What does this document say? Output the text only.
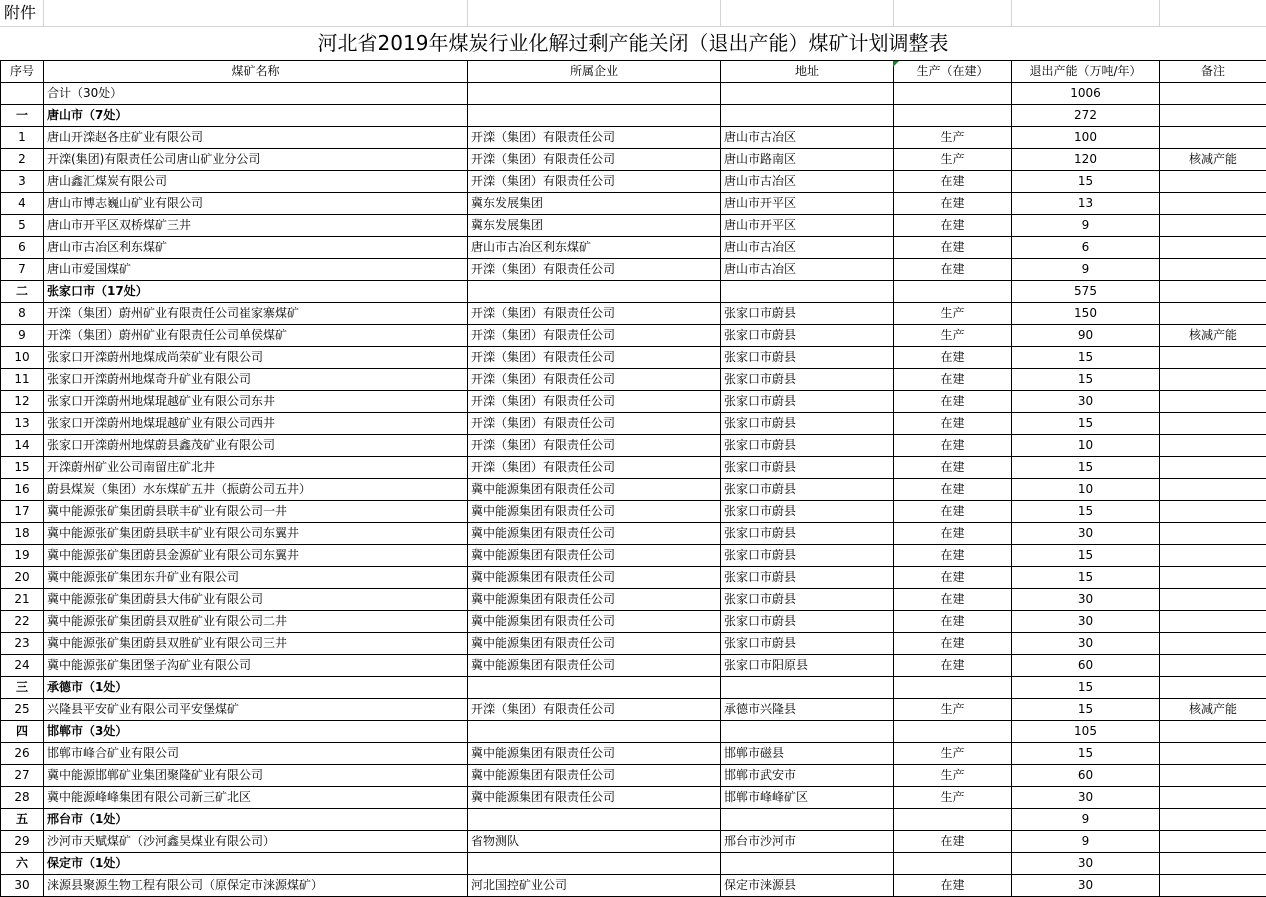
附件
河北省2019年煤炭行业化解过剩产能关闭（退出产能）煤矿计划调整表
序号	煤矿名称	所属企业	地址	生产（在建）	退出产能（万吨/年）	备注
	合计（30处）				1006	
一	唐山市（7处）				272	
1	唐山开滦赵各庄矿业有限公司	开滦（集团）有限责任公司	唐山市古冶区	生产	100	
2	开滦(集团)有限责任公司唐山矿业分公司	开滦（集团）有限责任公司	唐山市路南区	生产	120	核减产能
3	唐山鑫汇煤炭有限公司	开滦（集团）有限责任公司	唐山市古冶区	在建	15	
4	唐山市博志巍山矿业有限公司	冀东发展集团	唐山市开平区	在建	13	
5	唐山市开平区双桥煤矿三井	冀东发展集团	唐山市开平区	在建	9	
6	唐山市古冶区利东煤矿	唐山市古冶区利东煤矿	唐山市古冶区	在建	6	
7	唐山市爱国煤矿	开滦（集团）有限责任公司	唐山市古冶区	在建	9	
二	张家口市（17处）				575	
8	开滦（集团）蔚州矿业有限责任公司崔家寨煤矿	开滦（集团）有限责任公司	张家口市蔚县	生产	150	
9	开滦（集团）蔚州矿业有限责任公司单侯煤矿	开滦（集团）有限责任公司	张家口市蔚县	生产	90	核减产能
10	张家口开滦蔚州地煤成尚荣矿业有限公司	开滦（集团）有限责任公司	张家口市蔚县	在建	15	
11	张家口开滦蔚州地煤奇升矿业有限公司	开滦（集团）有限责任公司	张家口市蔚县	在建	15	
12	张家口开滦蔚州地煤琨越矿业有限公司东井	开滦（集团）有限责任公司	张家口市蔚县	在建	30	
13	张家口开滦蔚州地煤琨越矿业有限公司西井	开滦（集团）有限责任公司	张家口市蔚县	在建	15	
14	张家口开滦蔚州地煤蔚县鑫茂矿业有限公司	开滦（集团）有限责任公司	张家口市蔚县	在建	10	
15	开滦蔚州矿业公司南留庄矿北井	开滦（集团）有限责任公司	张家口市蔚县	在建	15	
16	蔚县煤炭（集团）水东煤矿五井（振蔚公司五井）	冀中能源集团有限责任公司	张家口市蔚县	在建	10	
17	冀中能源张矿集团蔚县联丰矿业有限公司一井	冀中能源集团有限责任公司	张家口市蔚县	在建	15	
18	冀中能源张矿集团蔚县联丰矿业有限公司东翼井	冀中能源集团有限责任公司	张家口市蔚县	在建	30	
19	冀中能源张矿集团蔚县金源矿业有限公司东翼井	冀中能源集团有限责任公司	张家口市蔚县	在建	15	
20	冀中能源张矿集团东升矿业有限公司	冀中能源集团有限责任公司	张家口市蔚县	在建	15	
21	冀中能源张矿集团蔚县大伟矿业有限公司	冀中能源集团有限责任公司	张家口市蔚县	在建	30	
22	冀中能源张矿集团蔚县双胜矿业有限公司二井	冀中能源集团有限责任公司	张家口市蔚县	在建	30	
23	冀中能源张矿集团蔚县双胜矿业有限公司三井	冀中能源集团有限责任公司	张家口市蔚县	在建	30	
24	冀中能源张矿集团堡子沟矿业有限公司	冀中能源集团有限责任公司	张家口市阳原县	在建	60	
三	承德市（1处）				15	
25	兴隆县平安矿业有限公司平安堡煤矿	开滦（集团）有限责任公司	承德市兴隆县	生产	15	核减产能
四	邯郸市（3处）				105	
26	邯郸市峰合矿业有限公司	冀中能源集团有限责任公司	邯郸市磁县	生产	15	
27	冀中能源邯郸矿业集团聚隆矿业有限公司	冀中能源集团有限责任公司	邯郸市武安市	生产	60	
28	冀中能源峰峰集团有限公司新三矿北区	冀中能源集团有限责任公司	邯郸市峰峰矿区	生产	30	
五	邢台市（1处）				9	
29	沙河市天赋煤矿（沙河鑫昊煤业有限公司）	省物测队	邢台市沙河市	在建	9	
六	保定市（1处）				30	
30	涞源县聚源生物工程有限公司（原保定市涞源煤矿）	河北国控矿业公司	保定市涞源县	在建	30	
